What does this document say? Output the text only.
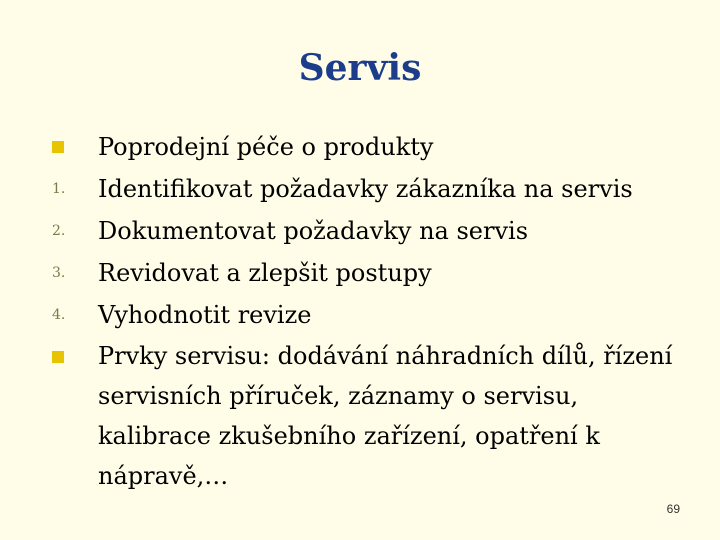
Servis
Poprodejní péče o produkty
1. Identifikovat požadavky zákazníka na servis
2. Dokumentovat požadavky na servis
3. Revidovat a zlepšit postupy
4. Vyhodnotit revize
Prvky servisu: dodávání náhradních dílů, řízení servisních příruček, záznamy o servisu, kalibrace zkušebního zařízení, opatření k nápravě,…
69
